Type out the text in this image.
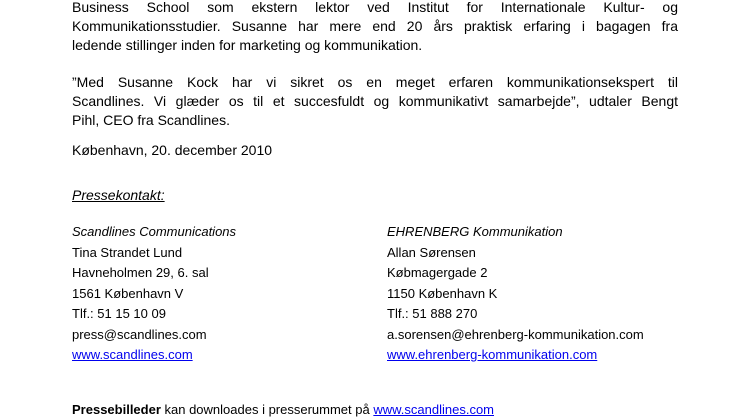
Business School som ekstern lektor ved Institut for Internationale Kultur- og
Kommunikationsstudier. Susanne har mere end 20 års praktisk erfaring i bagagen fra
ledende stillinger inden for marketing og kommunikation.
”Med Susanne Kock har vi sikret os en meget erfaren kommunikationsekspert til
Scandlines. Vi glæder os til et succesfuldt og kommunikativt samarbejde”, udtaler Bengt
Pihl, CEO fra Scandlines.
København, 20. december 2010
Pressekontakt:
Scandlines Communications
Tina Strandet Lund
Havneholmen 29, 6. sal
1561 København V
Tlf.: 51 15 10 09
press@scandlines.com
www.scandlines.com
EHRENBERG Kommunikation
Allan Sørensen
Købmagergade 2
1150 København K
Tlf.: 51 888 270
a.sorensen@ehrenberg-kommunikation.com
www.ehrenberg-kommunikation.com
Pressebilleder kan downloades i presserummet på www.scandlines.com
